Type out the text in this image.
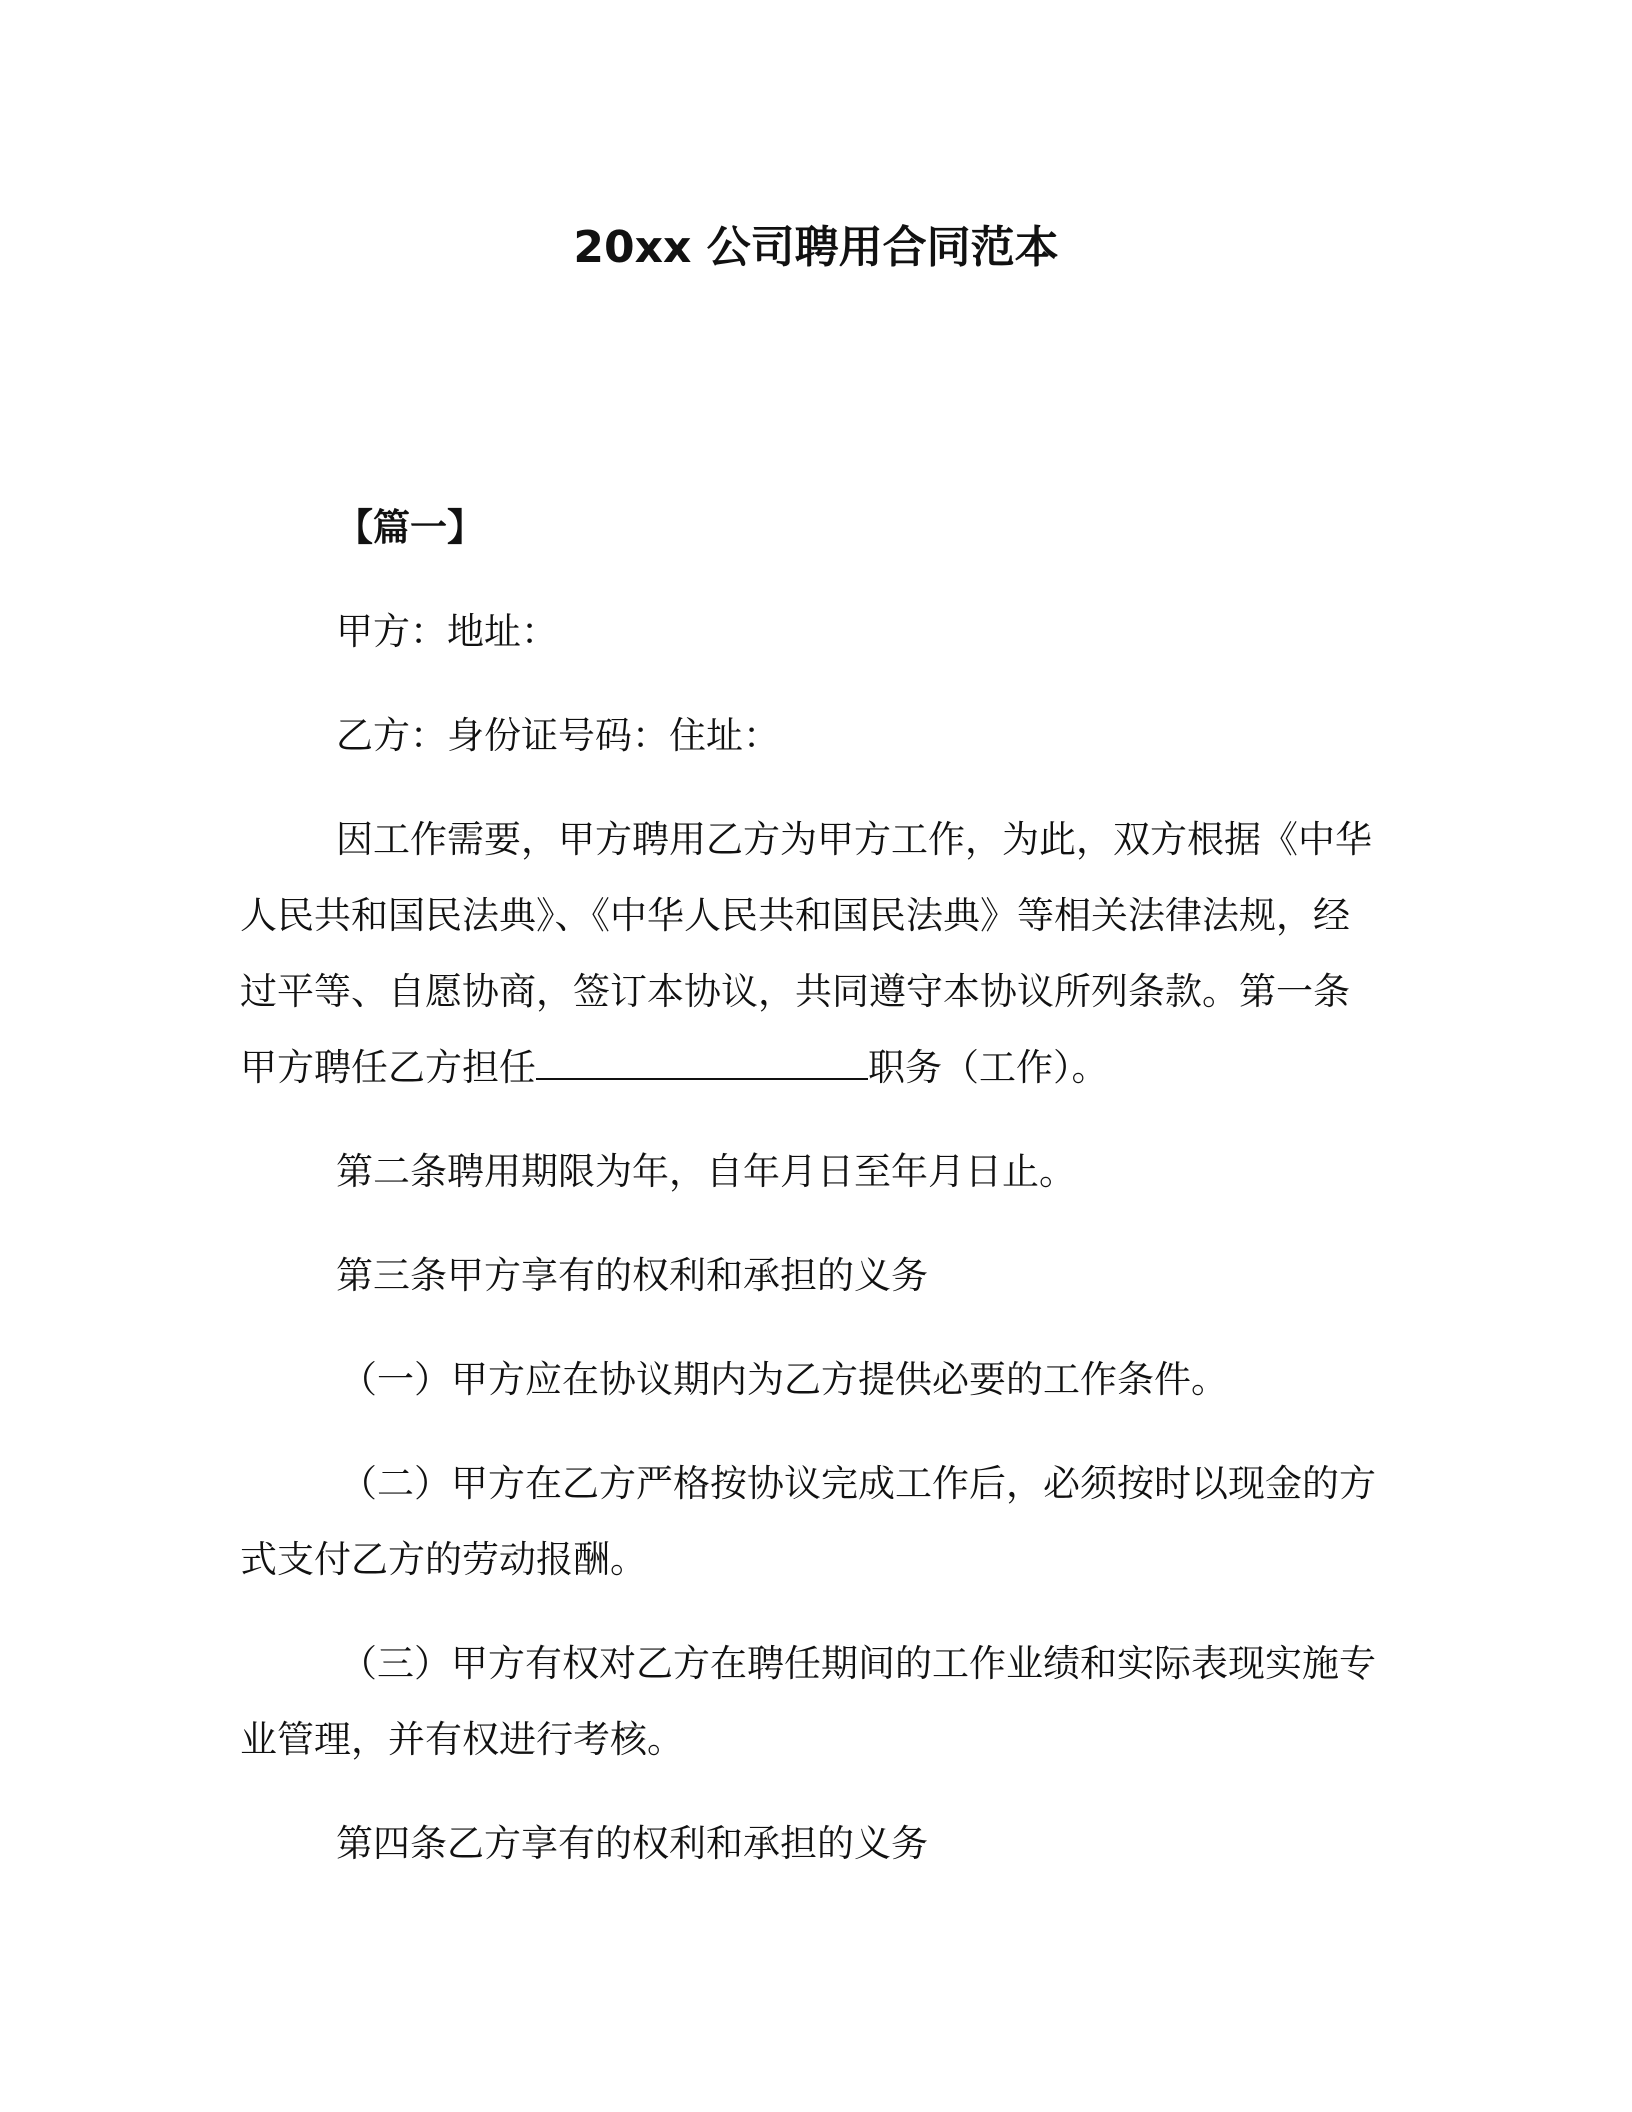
20xx 公司聘用合同范本

【篇一】

甲方：地址：

乙方：身份证号码：住址：

因工作需要，甲方聘用乙方为甲方工作，为此，双方根据《中华人民共和国民法典》、《中华人民共和国民法典》等相关法律法规，经过平等、自愿协商，签订本协议，共同遵守本协议所列条款。第一条甲方聘任乙方担任	职务（工作）。

第二条聘用期限为年，自年月日至年月日止。

第三条甲方享有的权利和承担的义务

（一）甲方应在协议期内为乙方提供必要的工作条件。

（二）甲方在乙方严格按协议完成工作后，必须按时以现金的方式支付乙方的劳动报酬。

（三）甲方有权对乙方在聘任期间的工作业绩和实际表现实施专业管理，并有权进行考核。

第四条乙方享有的权利和承担的义务
